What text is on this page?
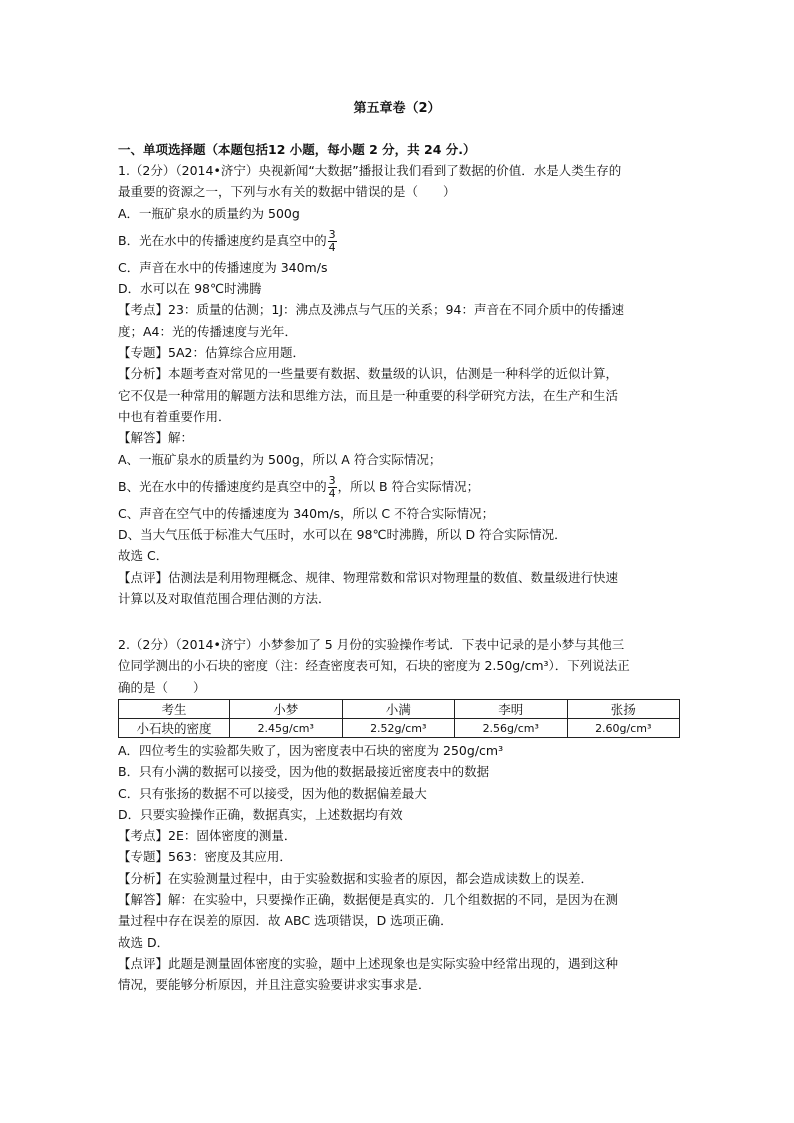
第五章卷（2）
一、单项选择题（本题包括12 小题，每小题 2 分，共 24 分.）

1.（2分）（2014•济宁）央视新闻“大数据”播报让我们看到了数据的价值．水是人类生存的

最重要的资源之一，下列与水有关的数据中错误的是（　　）

A．一瓶矿泉水的质量约为 500g

B．光在水中的传播速度约是真空中的 $\frac{3}{4}$

C．声音在水中的传播速度为 340m/s

D．水可以在 98℃时沸腾

【考点】23：质量的估测；1J：沸点及沸点与气压的关系；94：声音在不同介质中的传播速

度；A4：光的传播速度与光年．

【专题】5A2：估算综合应用题．

【分析】本题考查对常见的一些量要有数据、数量级的认识，估测是一种科学的近似计算，

它不仅是一种常用的解题方法和思维方法，而且是一种重要的科学研究方法，在生产和生活

中也有着重要作用．

【解答】解：

A、一瓶矿泉水的质量约为 500g，所以 A 符合实际情况；

B、光在水中的传播速度约是真空中的 $\frac{3}{4}$ ，所以 B 符合实际情况；

C、声音在空气中的传播速度为 340m/s，所以 C 不符合实际情况；

D、当大气压低于标准大气压时，水可以在 98℃时沸腾，所以 D 符合实际情况．

故选 C．

【点评】估测法是利用物理概念、规律、物理常数和常识对物理量的数值、数量级进行快速

计算以及对取值范围合理估测的方法．

2.（2分）（2014•济宁）小梦参加了 5 月份的实验操作考试．下表中记录的是小梦与其他三

位同学测出的小石块的密度（注：经查密度表可知，石块的密度为 2.50g/cm³）．下列说法正

确的是（　　）

考生	小梦	小满	李明	张扬
小石块的密度	2.45g/cm³	2.52g/cm³	2.56g/cm³	2.60g/cm³

A．四位考生的实验都失败了，因为密度表中石块的密度为 250g/cm³

B．只有小满的数据可以接受，因为他的数据最接近密度表中的数据

C．只有张扬的数据不可以接受，因为他的数据偏差最大

D．只要实验操作正确，数据真实，上述数据均有效

【考点】2E：固体密度的测量．

【专题】563：密度及其应用．

【分析】在实验测量过程中，由于实验数据和实验者的原因，都会造成读数上的误差．

【解答】解：在实验中，只要操作正确，数据便是真实的．几个组数据的不同，是因为在测

量过程中存在误差的原因．故 ABC 选项错误，D 选项正确．

故选 D．

【点评】此题是测量固体密度的实验，题中上述现象也是实际实验中经常出现的，遇到这种

情况，要能够分析原因，并且注意实验要讲求实事求是．
